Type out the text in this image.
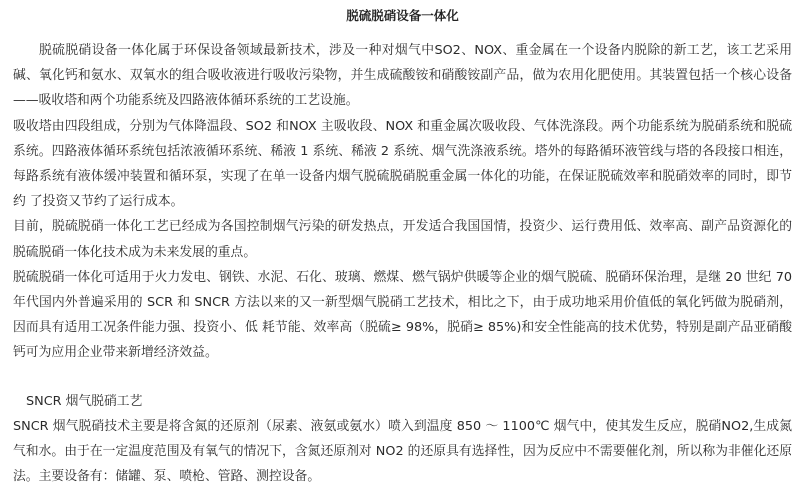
脱硫脱硝设备一体化

脱硫脱硝设备一体化属于环保设备领域最新技术，涉及一种对烟气中SO2、NOX、重金属在一个设备内脱除的新工艺，该工艺采用碱、氧化钙和氨水、双氧水的组合吸收液进行吸收污染物，并生成硫酸铵和硝酸铵副产品，做为农用化肥使用。其装置包括一个核心设备——吸收塔和两个功能系统及四路液体循环系统的工艺设施。

吸收塔由四段组成，分别为气体降温段、SO2 和NOX 主吸收段、NOX 和重金属次吸收段、气体洗涤段。两个功能系统为脱硝系统和脱硫系统。四路液体循环系统包括浓液循环系统、稀液 1 系统、稀液 2 系统、烟气洗涤液系统。塔外的每路循环液管线与塔的各段接口相连，每路系统有液体缓冲装置和循环泵，实现了在单一设备内烟气脱硫脱硝脱重金属一体化的功能，在保证脱硫效率和脱硝效率的同时，即节约 了投资又节约了运行成本。

目前，脱硫脱硝一体化工艺已经成为各国控制烟气污染的研发热点，开发适合我国国情，投资少、运行费用低、效率高、副产品资源化的脱硫脱硝一体化技术成为未来发展的重点。

脱硫脱硝一体化可适用于火力发电、钢铁、水泥、石化、玻璃、燃煤、燃气锅炉供暖等企业的烟气脱硫、脱硝环保治理，是继 20 世纪 70 年代国内外普遍采用的 SCR 和 SNCR 方法以来的又一新型烟气脱硝工艺技术，相比之下，由于成功地采用价值低的氧化钙做为脱硝剂，因而具有适用工况条件能力强、投资小、低 耗节能、效率高（脱硫≥ 98%，脱硝≥ 85%)和安全性能高的技术优势，特别是副产品亚硝酸钙可为应用企业带来新增经济效益。

SNCR 烟气脱硝工艺

SNCR 烟气脱硝技术主要是将含氮的还原剂（尿素、液氨或氨水）喷入到温度 850 ～ 1100℃ 烟气中，使其发生反应，脱硝NO2,生成氮气和水。由于在一定温度范围及有氧气的情况下，含氮还原剂对 NO2 的还原具有选择性，因为反应中不需要催化剂，所以称为非催化还原法。主要设备有：储罐、泵、喷枪、管路、测控设备。
